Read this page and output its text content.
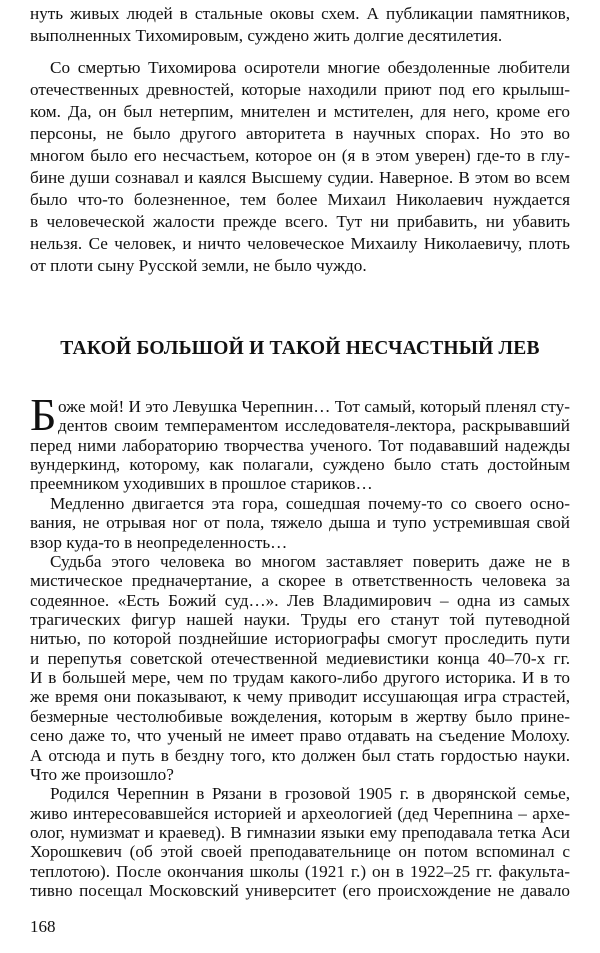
нуть живых людей в стальные оковы схем. А публикации памятников,
выполненных Тихомировым, суждено жить долгие десятилетия.
Со смертью Тихомирова осиротели многие обездоленные любители
отечественных древностей, которые находили приют под его крылыш-
ком. Да, он был нетерпим, мнителен и мстителен, для него, кроме его
персоны, не было другого авторитета в научных спорах. Но это во
многом было его несчастьем, которое он (я в этом уверен) где-то в глу-
бине души сознавал и каялся Высшему судии. Наверное. В этом во всем
было что-то болезненное, тем более Михаил Николаевич нуждается
в человеческой жалости прежде всего. Тут ни прибавить, ни убавить
нельзя. Се человек, и ничто человеческое Михаилу Николаевичу, плоть
от плоти сыну Русской земли, не было чуждо.
ТАКОЙ БОЛЬШОЙ И ТАКОЙ НЕСЧАСТНЫЙ ЛЕВ
Б оже мой! И это Левушка Черепнин… Тот самый, который пленял сту-
дентов своим темпераментом исследователя-лектора, раскрывавший
перед ними лабораторию творчества ученого. Тот подававший надежды
вундеркинд, которому, как полагали, суждено было стать достойным
преемником уходивших в прошлое стариков…
Медленно двигается эта гора, сошедшая почему-то со своего осно-
вания, не отрывая ног от пола, тяжело дыша и тупо устремившая свой
взор куда-то в неопределенность…
Судьба этого человека во многом заставляет поверить даже не в
мистическое предначертание, а скорее в ответственность человека за
содеянное. «Есть Божий суд…». Лев Владимирович – одна из самых
трагических фигур нашей науки. Труды его станут той путеводной
нитью, по которой позднейшие историографы смогут проследить пути
и перепутья советской отечественной медиевистики конца 40–70-х гг.
И в большей мере, чем по трудам какого-либо другого историка. И в то
же время они показывают, к чему приводит иссушающая игра страстей,
безмерные честолюбивые вожделения, которым в жертву было прине-
сено даже то, что ученый не имеет право отдавать на съедение Молоху.
А отсюда и путь в бездну того, кто должен был стать гордостью науки.
Что же произошло?
Родился Черепнин в Рязани в грозовой 1905 г. в дворянской семье,
живо интересовавшейся историей и археологией (дед Черепнина – архе-
олог, нумизмат и краевед). В гимназии языки ему преподавала тетка Аси
Хорошкевич (об этой своей преподавательнице он потом вспоминал с
теплотою). После окончания школы (1921 г.) он в 1922–25 гг. факульта-
тивно посещал Московский университет (его происхождение не давало
168
